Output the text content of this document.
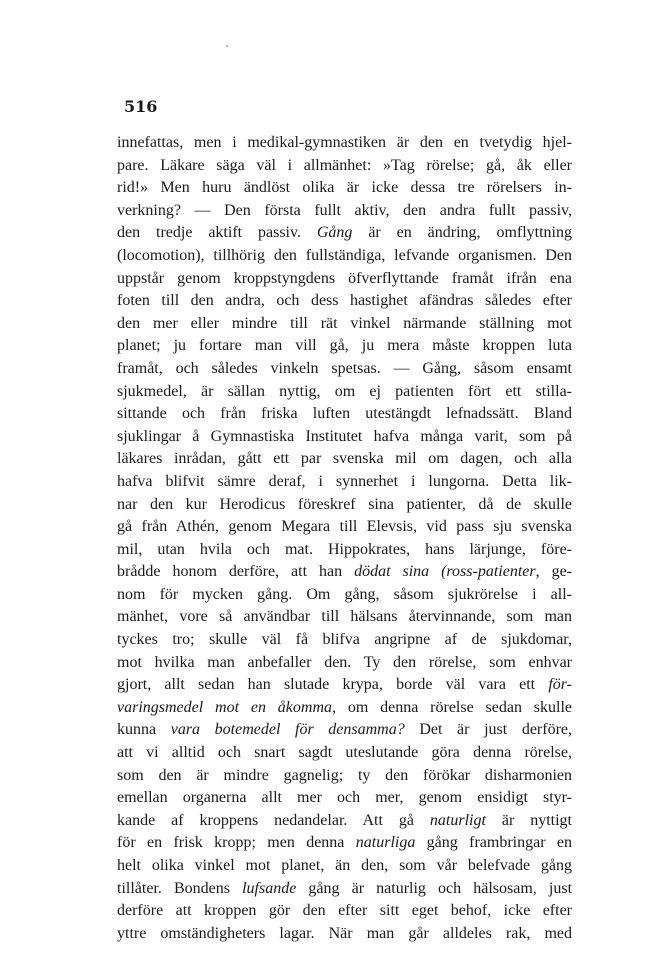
516

innefattas, men i medikal-gymnastiken är den en tvetydig hjel-
pare. Läkare säga väl i allmänhet: »Tag rörelse; gå, åk eller
rid!» Men huru ändlöst olika är icke dessa tre rörelsers in-
verkning? — Den första fullt aktiv, den andra fullt passiv,
den tredje aktift passiv. Gång är en ändring, omflyttning
(locomotion), tillhörig den fullständiga, lefvande organismen. Den
uppstår genom kroppstyngdens öfverflyttande framåt ifrån ena
foten till den andra, och dess hastighet afändras således efter
den mer eller mindre till rät vinkel närmande ställning mot
planet; ju fortare man vill gå, ju mera måste kroppen luta
framåt, och således vinkeln spetsas. — Gång, såsom ensamt
sjukmedel, är sällan nyttig, om ej patienten fört ett stilla-
sittande och från friska luften utestängdt lefnadssätt. Bland
sjuklingar å Gymnastiska Institutet hafva många varit, som på
läkares inrådan, gått ett par svenska mil om dagen, och alla
hafva blifvit sämre deraf, i synnerhet i lungorna. Detta lik-
nar den kur Herodicus föreskref sina patienter, då de skulle
gå från Athén, genom Megara till Elevsis, vid pass sju svenska
mil, utan hvila och mat. Hippokrates, hans lärjunge, före-
brådde honom derföre, att han dödat sina (ross-patienter, ge-
nom för mycken gång. Om gång, såsom sjukrörelse i all-
mänhet, vore så användbar till hälsans återvinnande, som man
tyckes tro; skulle väl få blifva angripne af de sjukdomar,
mot hvilka man anbefaller den. Ty den rörelse, som enhvar
gjort, allt sedan han slutade krypa, borde väl vara ett för-
varingsmedel mot en åkomma, om denna rörelse sedan skulle
kunna vara botemedel för densamma? Det är just derföre,
att vi alltid och snart sagdt uteslutande göra denna rörelse,
som den är mindre gagnelig; ty den förökar disharmonien
emellan organerna allt mer och mer, genom ensidigt styr-
kande af kroppens nedandelar. Att gå naturligt är nyttigt
för en frisk kropp; men denna naturliga gång frambringar en
helt olika vinkel mot planet, än den, som vår belefvade gång
tillåter. Bondens lufsande gång är naturlig och hälsosam, just
derföre att kroppen gör den efter sitt eget behof, icke efter
yttre omständigheters lagar. När man går alldeles rak, med
